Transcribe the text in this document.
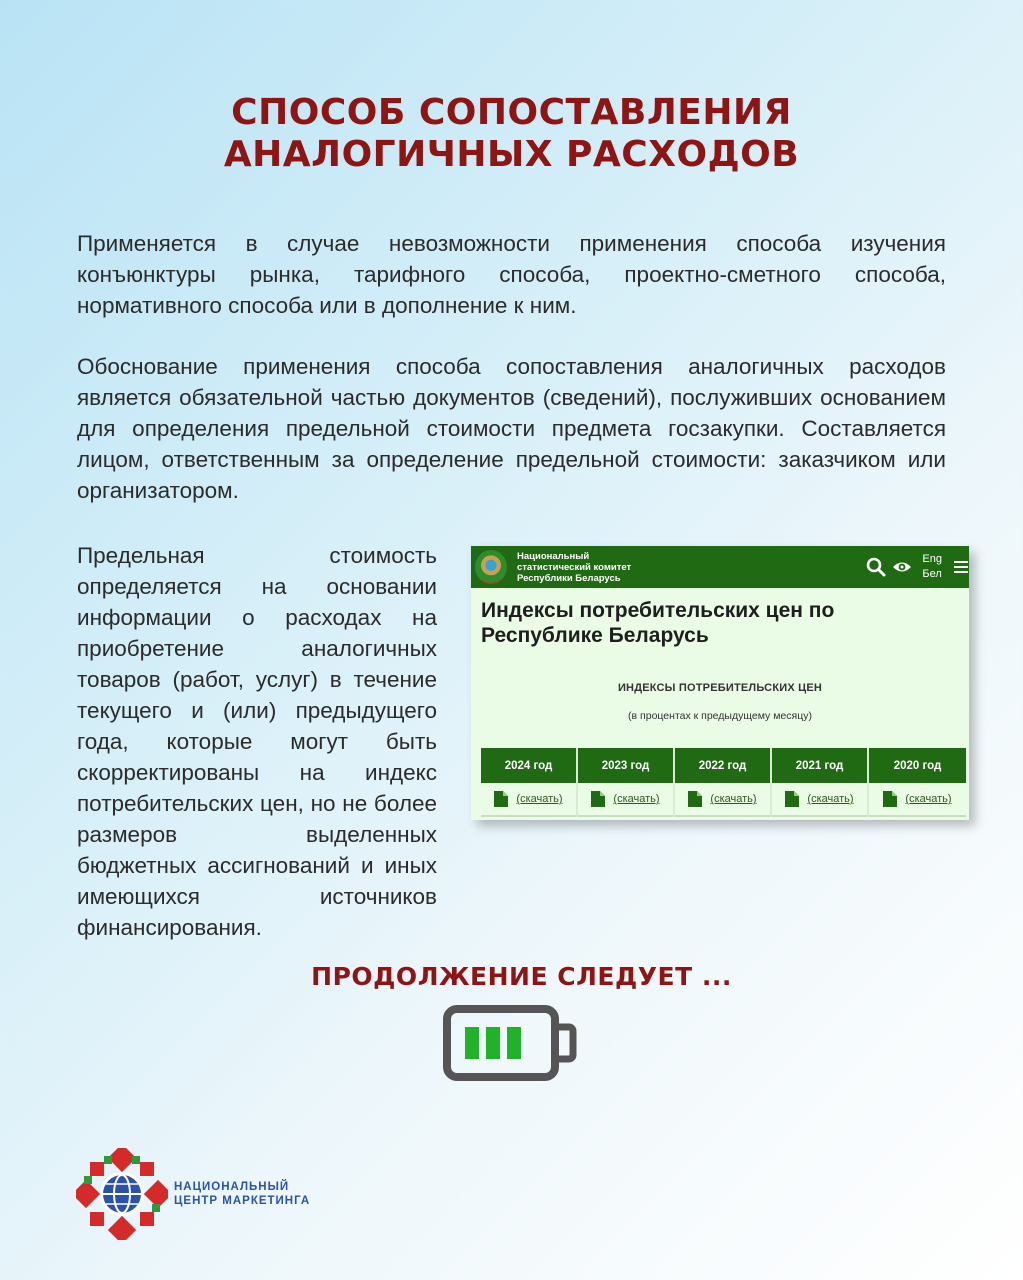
СПОСОБ СОПОСТАВЛЕНИЯ
АНАЛОГИЧНЫХ РАСХОДОВ

Применяется в случае невозможности применения способа изучения конъюнктуры рынка, тарифного способа, проектно-сметного способа, нормативного способа или в дополнение к ним.

Обоснование применения способа сопоставления аналогичных расходов является обязательной частью документов (сведений), послуживших основанием для определения предельной стоимости предмета госзакупки. Составляется лицом, ответственным за определение предельной стоимости: заказчиком или организатором.

Предельная стоимость определяется на основании информации о расходах на приобретение аналогичных товаров (работ, услуг) в течение текущего и (или) предыдущего года, которые могут быть скорректированы на индекс потребительских цен, но не более размеров выделенных бюджетных ассигнований и иных имеющихся источников финансирования.

Национальный
статистический комитет
Республики Беларусь
Eng
Бел
Индексы потребительских цен по Республике Беларусь
ИНДЕКСЫ ПОТРЕБИТЕЛЬСКИХ ЦЕН
(в процентах к предыдущему месяцу)
2024 год
(скачать)
2023 год
(скачать)
2022 год
(скачать)
2021 год
(скачать)
2020 год
(скачать)
ПРОДОЛЖЕНИЕ СЛЕДУЕТ ...
НАЦИОНАЛЬНЫЙ
ЦЕНТР МАРКЕТИНГА
